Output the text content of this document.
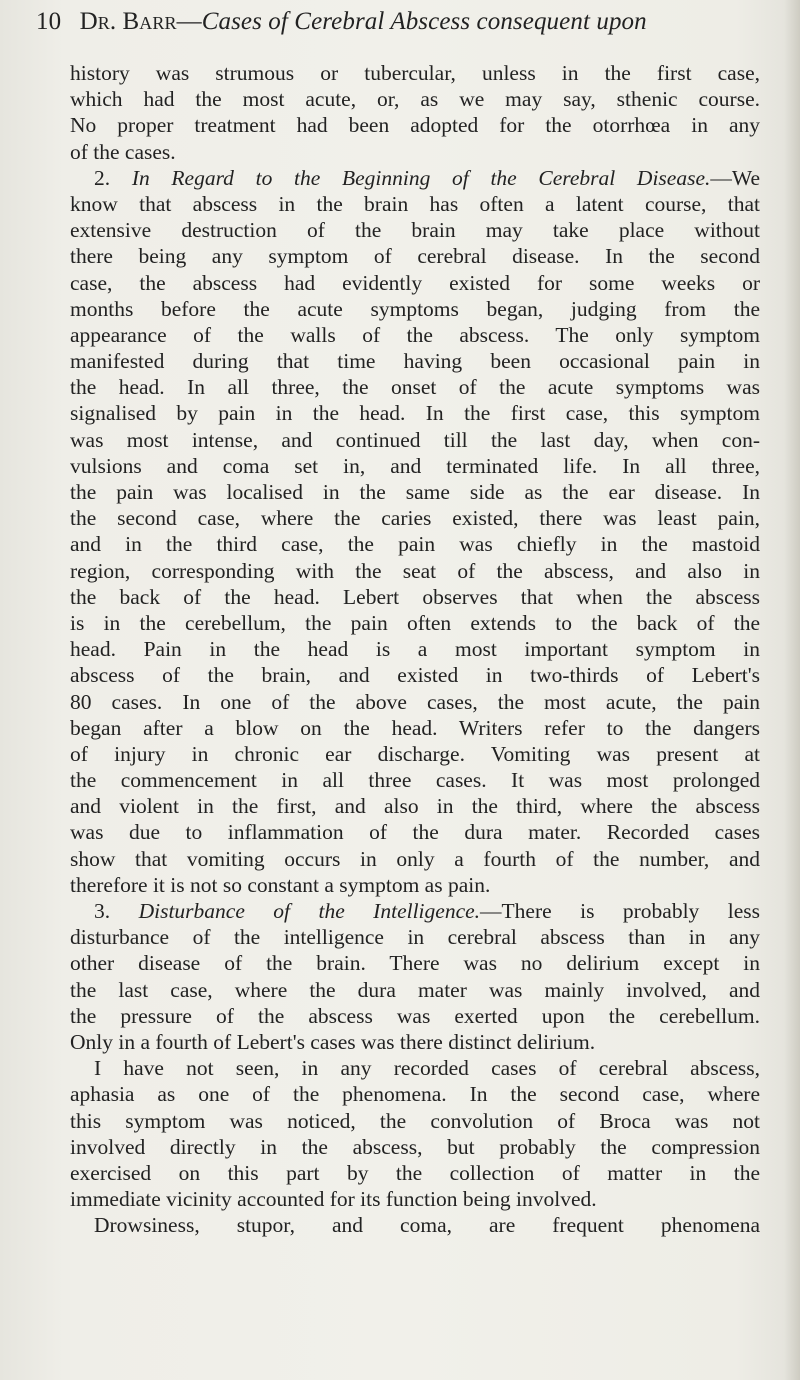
10 Dr. Barr—Cases of Cerebral Abscess consequent upon
history was strumous or tubercular, unless in the first case,
which had the most acute, or, as we may say, sthenic course.
No proper treatment had been adopted for the otorrhœa in any
of the cases.
2. In Regard to the Beginning of the Cerebral Disease.—We
know that abscess in the brain has often a latent course, that
extensive destruction of the brain may take place without
there being any symptom of cerebral disease. In the second
case, the abscess had evidently existed for some weeks or
months before the acute symptoms began, judging from the
appearance of the walls of the abscess. The only symptom
manifested during that time having been occasional pain in
the head. In all three, the onset of the acute symptoms was
signalised by pain in the head. In the first case, this symptom
was most intense, and continued till the last day, when con-
vulsions and coma set in, and terminated life. In all three,
the pain was localised in the same side as the ear disease. In
the second case, where the caries existed, there was least pain,
and in the third case, the pain was chiefly in the mastoid
region, corresponding with the seat of the abscess, and also in
the back of the head. Lebert observes that when the abscess
is in the cerebellum, the pain often extends to the back of the
head. Pain in the head is a most important symptom in
abscess of the brain, and existed in two-thirds of Lebert's
80 cases. In one of the above cases, the most acute, the pain
began after a blow on the head. Writers refer to the dangers
of injury in chronic ear discharge. Vomiting was present at
the commencement in all three cases. It was most prolonged
and violent in the first, and also in the third, where the abscess
was due to inflammation of the dura mater. Recorded cases
show that vomiting occurs in only a fourth of the number, and
therefore it is not so constant a symptom as pain.
3. Disturbance of the Intelligence.—There is probably less
disturbance of the intelligence in cerebral abscess than in any
other disease of the brain. There was no delirium except in
the last case, where the dura mater was mainly involved, and
the pressure of the abscess was exerted upon the cerebellum.
Only in a fourth of Lebert's cases was there distinct delirium.
I have not seen, in any recorded cases of cerebral abscess,
aphasia as one of the phenomena. In the second case, where
this symptom was noticed, the convolution of Broca was not
involved directly in the abscess, but probably the compression
exercised on this part by the collection of matter in the
immediate vicinity accounted for its function being involved.
Drowsiness, stupor, and coma, are frequent phenomena
